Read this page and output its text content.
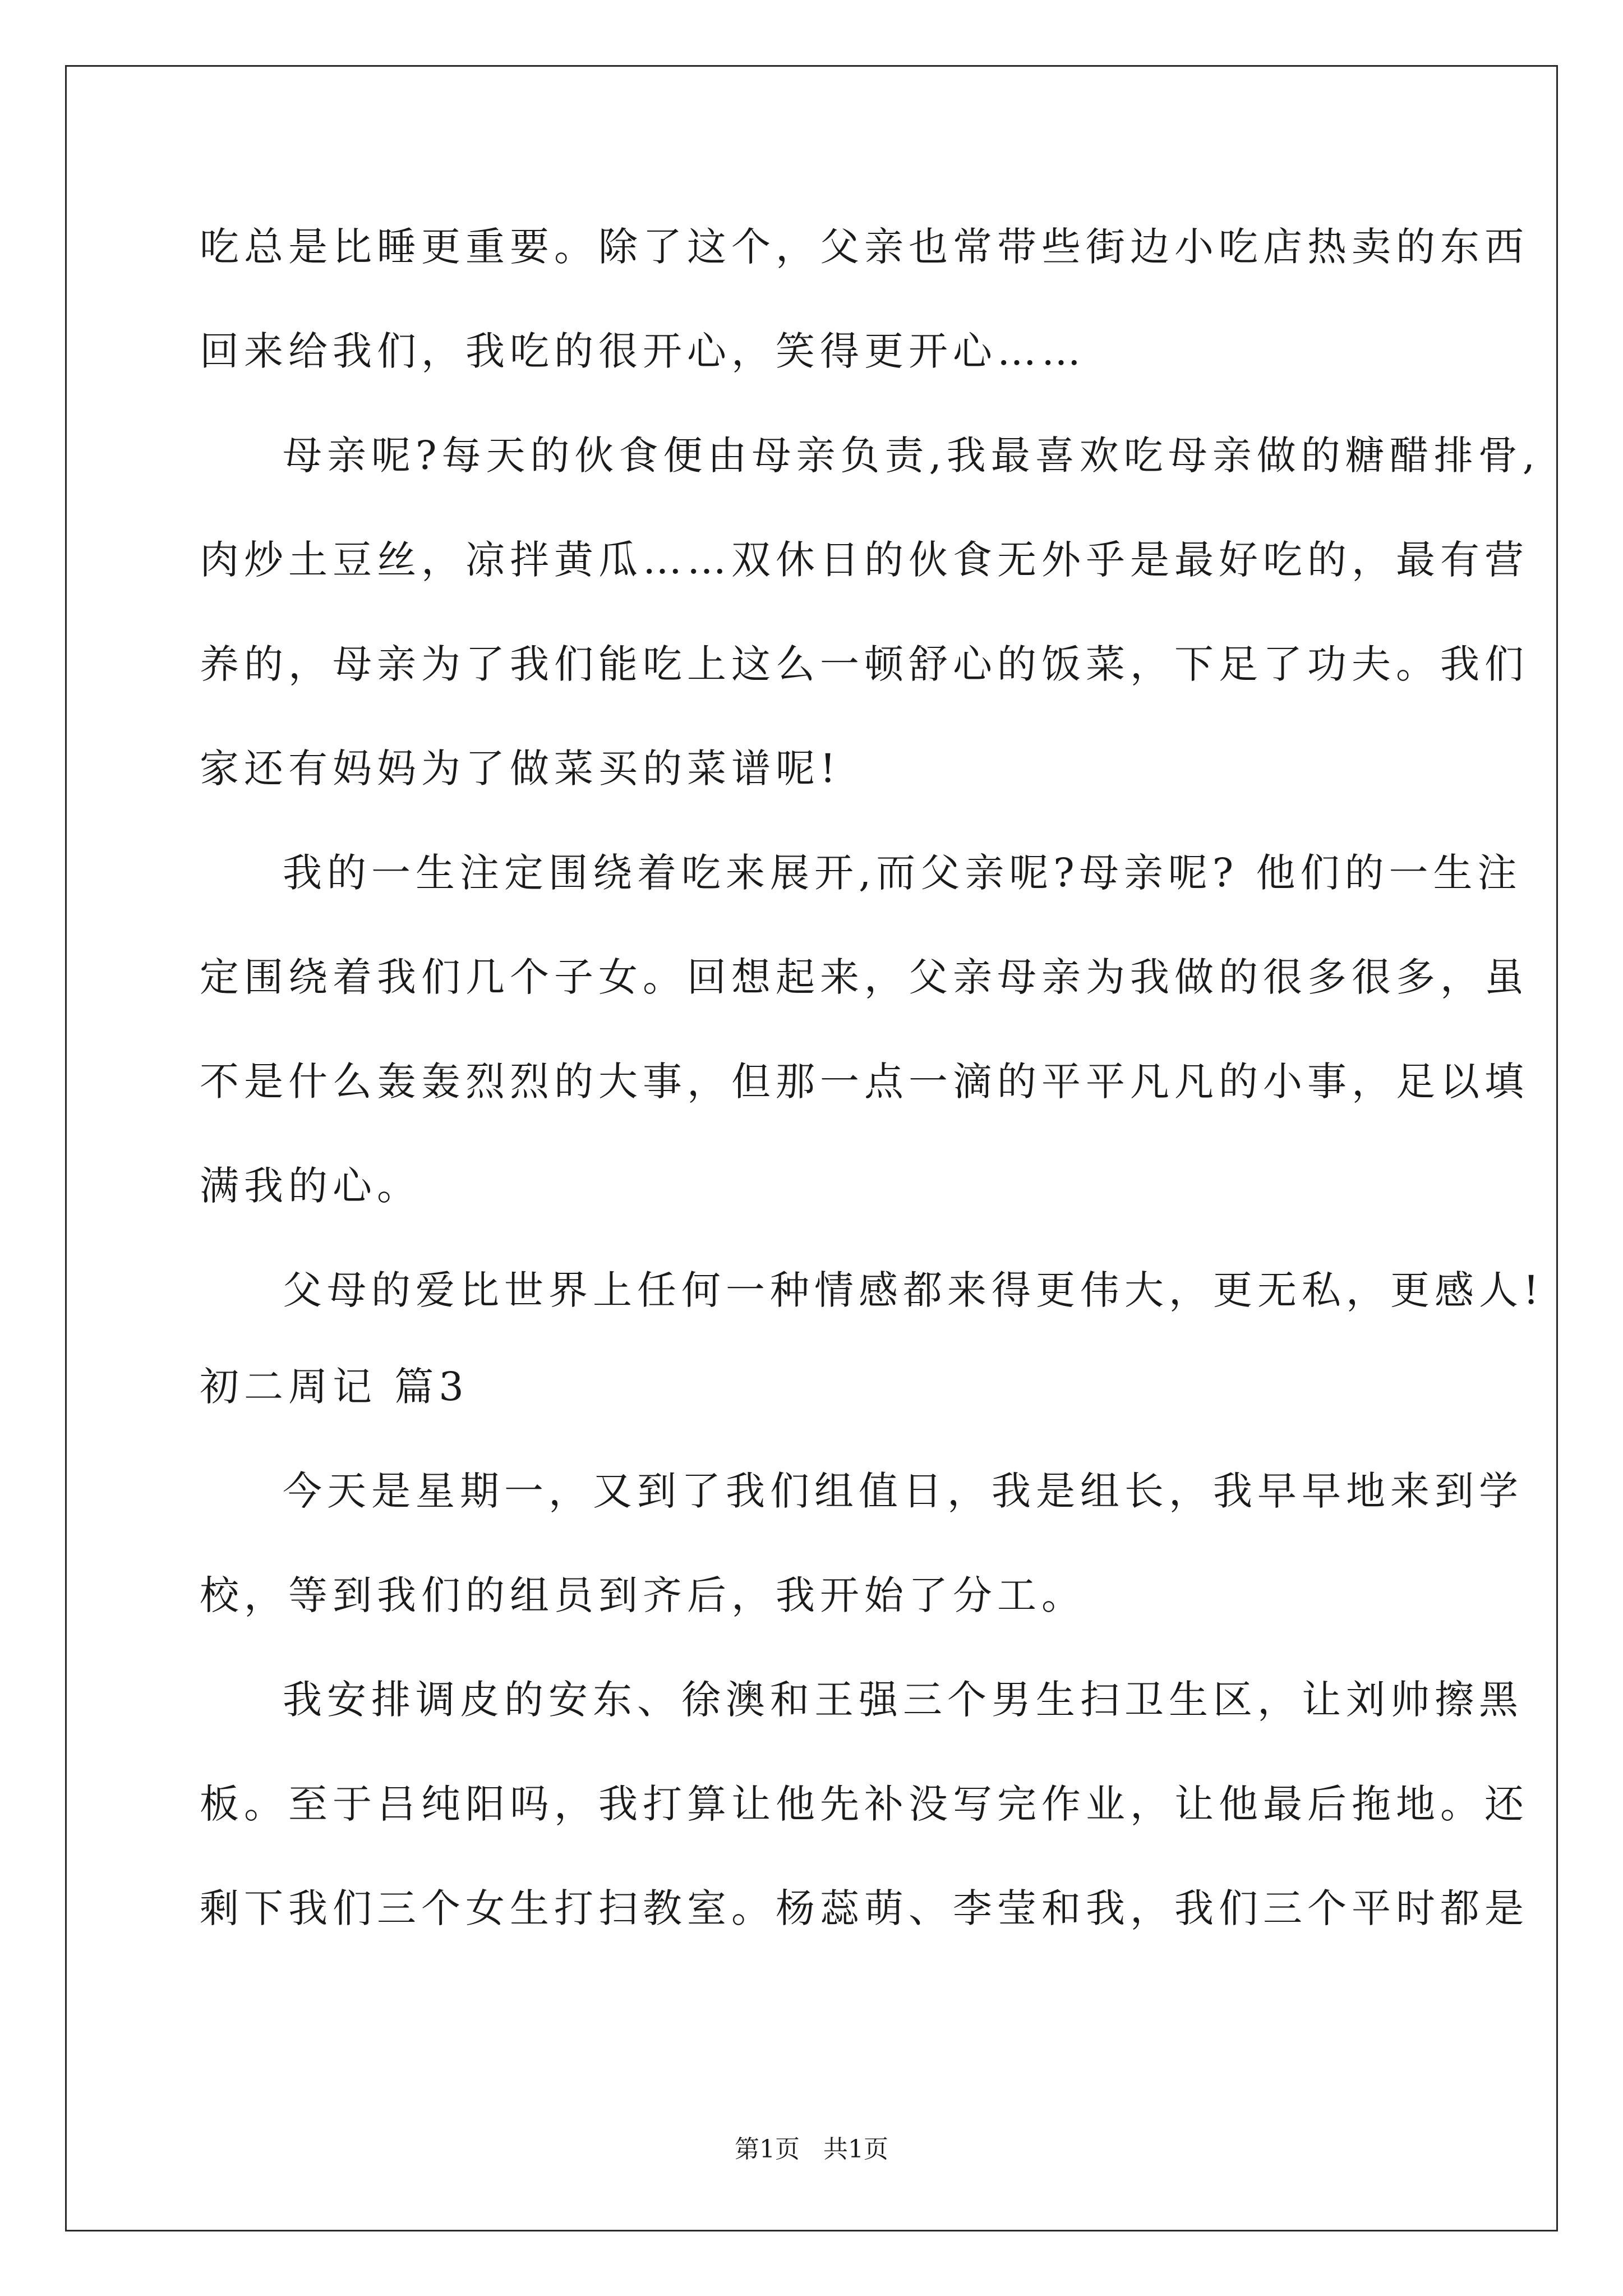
吃总是比睡更重要。除了这个，父亲也常带些街边小吃店热卖的东西
回来给我们，我吃的很开心，笑得更开心……
母亲呢?每天的伙食便由母亲负责,我最喜欢吃母亲做的糖醋排骨,
肉炒土豆丝，凉拌黄瓜……双休日的伙食无外乎是最好吃的，最有营
养的，母亲为了我们能吃上这么一顿舒心的饭菜，下足了功夫。我们
家还有妈妈为了做菜买的菜谱呢!
我的一生注定围绕着吃来展开,而父亲呢?母亲呢? 他们的一生注
定围绕着我们几个子女。回想起来，父亲母亲为我做的很多很多，虽
不是什么轰轰烈烈的大事，但那一点一滴的平平凡凡的小事，足以填
满我的心。
父母的爱比世界上任何一种情感都来得更伟大，更无私，更感人!
初二周记 篇3
今天是星期一，又到了我们组值日，我是组长，我早早地来到学
校，等到我们的组员到齐后，我开始了分工。
我安排调皮的安东、徐澳和王强三个男生扫卫生区，让刘帅擦黑
板。至于吕纯阳吗，我打算让他先补没写完作业，让他最后拖地。还
剩下我们三个女生打扫教室。杨蕊萌、李莹和我，我们三个平时都是
第1页 共1页
